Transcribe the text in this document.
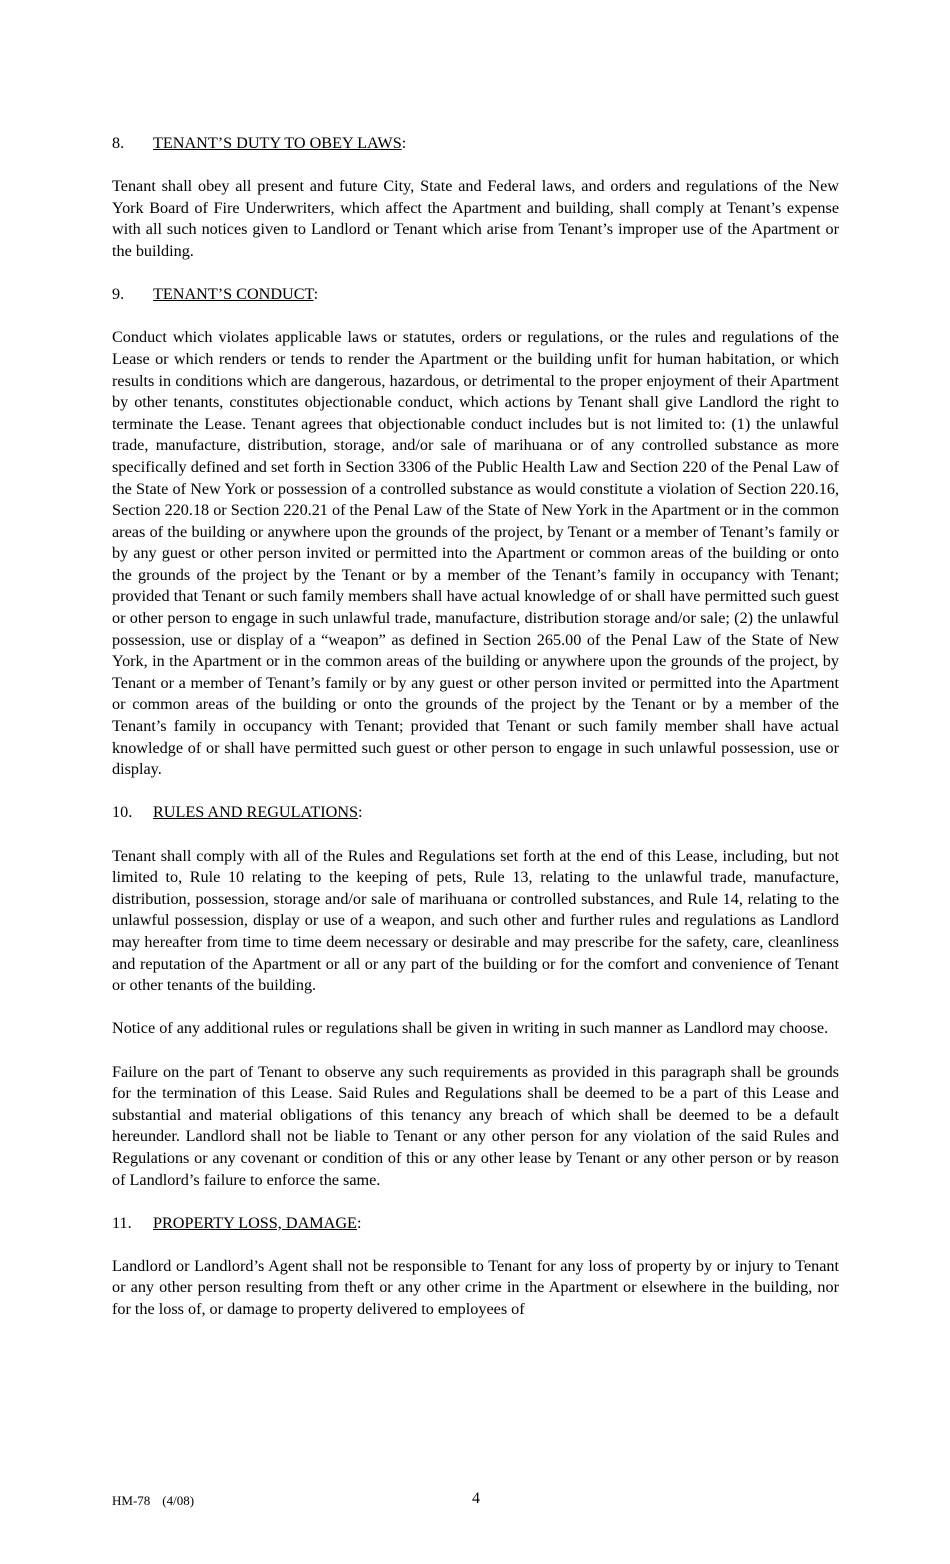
8. TENANT’S DUTY TO OBEY LAWS:

Tenant shall obey all present and future City, State and Federal laws, and orders and regulations of the New York Board of Fire Underwriters, which affect the Apartment and building, shall comply at Tenant’s expense with all such notices given to Landlord or Tenant which arise from Tenant’s improper use of the Apartment or the building.

9. TENANT’S CONDUCT:

Conduct which violates applicable laws or statutes, orders or regulations, or the rules and regulations of the Lease or which renders or tends to render the Apartment or the building unfit for human habitation, or which results in conditions which are dangerous, hazardous, or detrimental to the proper enjoyment of their Apartment by other tenants, constitutes objectionable conduct, which actions by Tenant shall give Landlord the right to terminate the Lease. Tenant agrees that objectionable conduct includes but is not limited to: (1) the unlawful trade, manufacture, distribution, storage, and/or sale of marihuana or of any controlled substance as more specifically defined and set forth in Section 3306 of the Public Health Law and Section 220 of the Penal Law of the State of New York or possession of a controlled substance as would constitute a violation of Section 220.16, Section 220.18 or Section 220.21 of the Penal Law of the State of New York in the Apartment or in the common areas of the building or anywhere upon the grounds of the project, by Tenant or a member of Tenant’s family or by any guest or other person invited or permitted into the Apartment or common areas of the building or onto the grounds of the project by the Tenant or by a member of the Tenant’s family in occupancy with Tenant; provided that Tenant or such family members shall have actual knowledge of or shall have permitted such guest or other person to engage in such unlawful trade, manufacture, distribution storage and/or sale; (2) the unlawful possession, use or display of a “weapon” as defined in Section 265.00 of the Penal Law of the State of New York, in the Apartment or in the common areas of the building or anywhere upon the grounds of the project, by Tenant or a member of Tenant’s family or by any guest or other person invited or permitted into the Apartment or common areas of the building or onto the grounds of the project by the Tenant or by a member of the Tenant’s family in occupancy with Tenant; provided that Tenant or such family member shall have actual knowledge of or shall have permitted such guest or other person to engage in such unlawful possession, use or display.

10. RULES AND REGULATIONS:

Tenant shall comply with all of the Rules and Regulations set forth at the end of this Lease, including, but not limited to, Rule 10 relating to the keeping of pets, Rule 13, relating to the unlawful trade, manufacture, distribution, possession, storage and/or sale of marihuana or controlled substances, and Rule 14, relating to the unlawful possession, display or use of a weapon, and such other and further rules and regulations as Landlord may hereafter from time to time deem necessary or desirable and may prescribe for the safety, care, cleanliness and reputation of the Apartment or all or any part of the building or for the comfort and convenience of Tenant or other tenants of the building.

Notice of any additional rules or regulations shall be given in writing in such manner as Landlord may choose.

Failure on the part of Tenant to observe any such requirements as provided in this paragraph shall be grounds for the termination of this Lease. Said Rules and Regulations shall be deemed to be a part of this Lease and substantial and material obligations of this tenancy any breach of which shall be deemed to be a default hereunder. Landlord shall not be liable to Tenant or any other person for any violation of the said Rules and Regulations or any covenant or condition of this or any other lease by Tenant or any other person or by reason of Landlord’s failure to enforce the same.

11. PROPERTY LOSS, DAMAGE:

Landlord or Landlord’s Agent shall not be responsible to Tenant for any loss of property by or injury to Tenant or any other person resulting from theft or any other crime in the Apartment or elsewhere in the building, nor for the loss of, or damage to property delivered to employees of

HM-78 (4/08)	4
